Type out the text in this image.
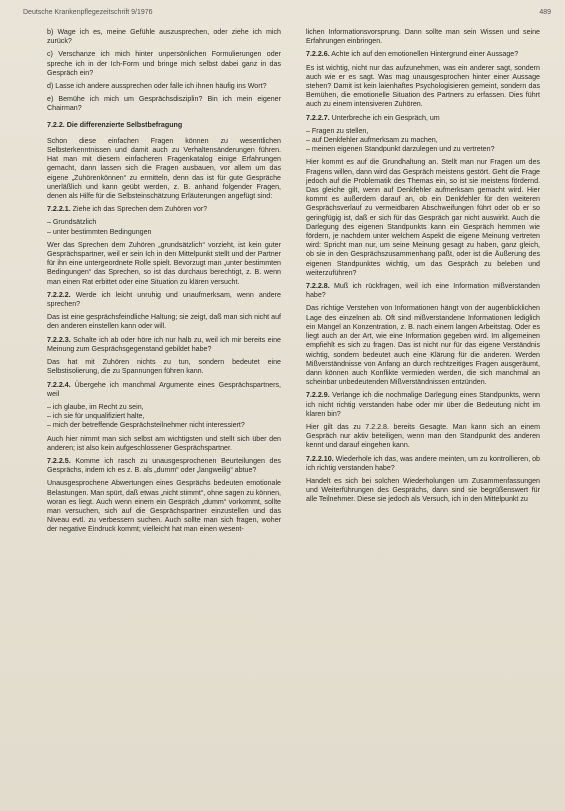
Deutsche Krankenpflegezeitschrift 9/1976	489

b) Wage ich es, meine Gefühle auszusprechen, oder ziehe ich mich zurück?

c) Verschanze ich mich hinter unpersönlichen Formulierungen oder spreche ich in der Ich-Form und bringe mich selbst dabei ganz in das Gespräch ein?

d) Lasse ich andere aussprechen oder falle ich ihnen häufig ins Wort?

e) Bemühe ich mich um Gesprächsdisziplin? Bin ich mein eigener Chairman?

7.2.2. Die differenzierte Selbstbefragung

Schon diese einfachen Fragen können zu wesentlichen Selbsterkenntnissen und damit auch zu Verhaltensänderungen führen. Hat man mit diesem einfacheren Fragenkatalog einige Erfahrungen gemacht, dann lassen sich die Fragen ausbauen, vor allem um das eigene „Zuhörenkönnen“ zu ermitteln, denn das ist für gute Gespräche unerläßlich und kann geübt werden, z. B. anhand folgender Fragen, denen als Hilfe für die Selbsteinschätzung Erläuterungen angefügt sind:

7.2.2.1. Ziehe ich das Sprechen dem Zuhören vor?

– Grundsätzlich
– unter bestimmten Bedingungen

Wer das Sprechen dem Zuhören „grundsätzlich“ vorzieht, ist kein guter Gesprächspartner, weil er sein Ich in den Mittelpunkt stellt und der Partner für ihn eine untergeordnete Rolle spielt. Bevorzugt man „unter bestimmten Bedingungen“ das Sprechen, so ist das durchaus berechtigt, z. B. wenn man einen Rat erbittet oder eine Situation zu klären versucht.

7.2.2.2. Werde ich leicht unruhig und unaufmerksam, wenn andere sprechen?

Das ist eine gesprächsfeindliche Haltung; sie zeigt, daß man sich nicht auf den anderen einstellen kann oder will.

7.2.2.3. Schalte ich ab oder höre ich nur halb zu, weil ich mir bereits eine Meinung zum Gesprächsgegenstand gebildet habe?

Das hat mit Zuhören nichts zu tun, sondern bedeutet eine Selbstisolierung, die zu Spannungen führen kann.

7.2.2.4. Übergehe ich manchmal Argumente eines Gesprächspartners, weil

– ich glaube, im Recht zu sein,
– ich sie für unqualifiziert halte,
– mich der betreffende Gesprächsteilnehmer nicht interessiert?

Auch hier nimmt man sich selbst am wichtigsten und stellt sich über den anderen; ist also kein aufgeschlossener Gesprächspartner.

7.2.2.5. Komme ich rasch zu unausgesprochenen Beurteilungen des Gesprächs, indem ich es z. B. als „dumm“ oder „langweilig“ abtue?

Unausgesprochene Abwertungen eines Gesprächs bedeuten emotionale Belastungen. Man spürt, daß etwas „nicht stimmt“, ohne sagen zu können, woran es liegt. Auch wenn einem ein Gespräch „dumm“ vorkommt, sollte man versuchen, sich auf die Gesprächspartner einzustellen und das Niveau evtl. zu verbessern suchen. Auch sollte man sich fragen, woher der negative Eindruck kommt; vielleicht hat man einen wesent-

lichen Informationsvorsprung. Dann sollte man sein Wissen und seine Erfahrungen einbringen.

7.2.2.6. Achte ich auf den emotionellen Hintergrund einer Aussage?

Es ist wichtig, nicht nur das aufzunehmen, was ein anderer sagt, sondern auch wie er es sagt. Was mag unausgesprochen hinter einer Aussage stehen? Damit ist kein laienhaftes Psychologisieren gemeint, sondern das Bemühen, die emotionelle Situation des Partners zu erfassen. Dies führt auch zu einem intensiveren Zuhören.

7.2.2.7. Unterbreche ich ein Gespräch, um

– Fragen zu stellen,
– auf Denkfehler aufmerksam zu machen,
– meinen eigenen Standpunkt darzulegen und zu vertreten?

Hier kommt es auf die Grundhaltung an. Stellt man nur Fragen um des Fragens willen, dann wird das Gespräch meistens gestört. Geht die Frage jedoch auf die Problematik des Themas ein, so ist sie meistens fördernd. Das gleiche gilt, wenn auf Denkfehler aufmerksam gemacht wird. Hier kommt es außerdem darauf an, ob ein Denkfehler für den weiteren Gesprächsverlauf zu vermeidbaren Abschweifungen führt oder ob er so geringfügig ist, daß er sich für das Gespräch gar nicht auswirkt. Auch die Darlegung des eigenen Standpunkts kann ein Gespräch hemmen wie fördern, je nachdem unter welchem Aspekt die eigene Meinung vertreten wird: Spricht man nur, um seine Meinung gesagt zu haben, ganz gleich, ob sie in den Gesprächszusammenhang paßt, oder ist die Äußerung des eigenen Standpunktes wichtig, um das Gespräch zu beleben und weiterzuführen?

7.2.2.8. Muß ich rückfragen, weil ich eine Information mißverstanden habe?

Das richtige Verstehen von Informationen hängt von der augenblicklichen Lage des einzelnen ab. Oft sind mißverstandene Informationen lediglich ein Mangel an Konzentration, z. B. nach einem langen Arbeitstag. Oder es liegt auch an der Art, wie eine Information gegeben wird. Im allgemeinen empfiehlt es sich zu fragen. Das ist nicht nur für das eigene Verständnis wichtig, sondern bedeutet auch eine Klärung für die anderen. Werden Mißverständnisse von Anfang an durch rechtzeitiges Fragen ausgeräumt, dann können auch Konflikte vermieden werden, die sich manchmal an scheinbar unbedeutenden Mißverständnissen entzünden.

7.2.2.9. Verlange ich die nochmalige Darlegung eines Standpunkts, wenn ich nicht richtig verstanden habe oder mir über die Bedeutung nicht im klaren bin?

Hier gilt das zu 7.2.2.8. bereits Gesagte. Man kann sich an einem Gespräch nur aktiv beteiligen, wenn man den Standpunkt des anderen kennt und darauf eingehen kann.

7.2.2.10. Wiederhole ich das, was andere meinten, um zu kontrollieren, ob ich richtig verstanden habe?

Handelt es sich bei solchen Wiederholungen um Zusammenfassungen und Weiterführungen des Gesprächs, dann sind sie begrüßenswert für alle Teilnehmer. Diese sie jedoch als Versuch, ich in den Mittelpunkt zu
